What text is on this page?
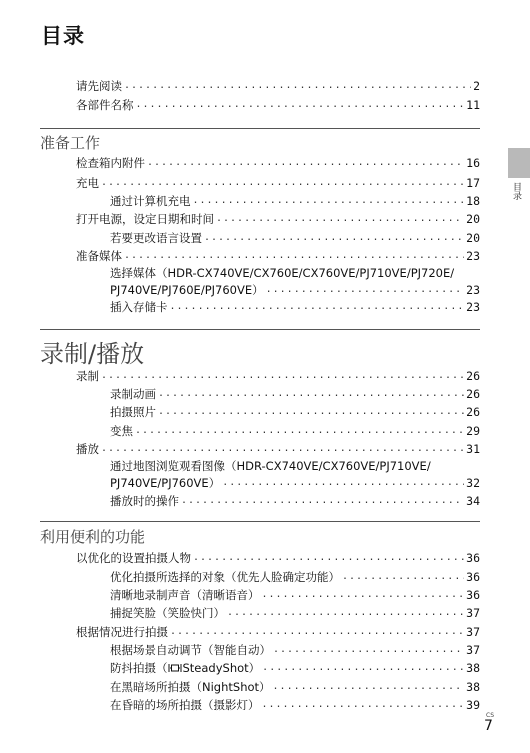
目录
请先阅读 .....	2
各部件名称 .....	11
准备工作
检查箱内附件 .....	16
充电 .....	17
通过计算机充电 .....	18
打开电源，设定日期和时间 .....	20
若要更改语言设置 .....	20
准备媒体 .....	23
选择媒体（HDR-CX740VE/CX760E/CX760VE/PJ710VE/PJ720E/
PJ740VE/PJ760E/PJ760VE） .....	23
插入存储卡 .....	23
录制/播放
录制 .....	26
录制动画 .....	26
拍摄照片 .....	26
变焦 .....	29
播放 .....	31
通过地图浏览观看图像（HDR-CX740VE/CX760VE/PJ710VE/
PJ740VE/PJ760VE） .....	32
播放时的操作 .....	34
利用便利的功能
以优化的设置拍摄人物 .....	36
优化拍摄所选择的对象（优先人脸确定功能） .....	36
清晰地录制声音（清晰语音） .....	36
捕捉笑脸（笑脸快门） .....	37
根据情况进行拍摄 .....	37
根据场景自动调节（智能自动） .....	37
防抖拍摄（ SteadyShot） .....	38
在黑暗场所拍摄（NightShot） .....	38
在昏暗的场所拍摄（摄影灯） .....	39
目录
CS
7
